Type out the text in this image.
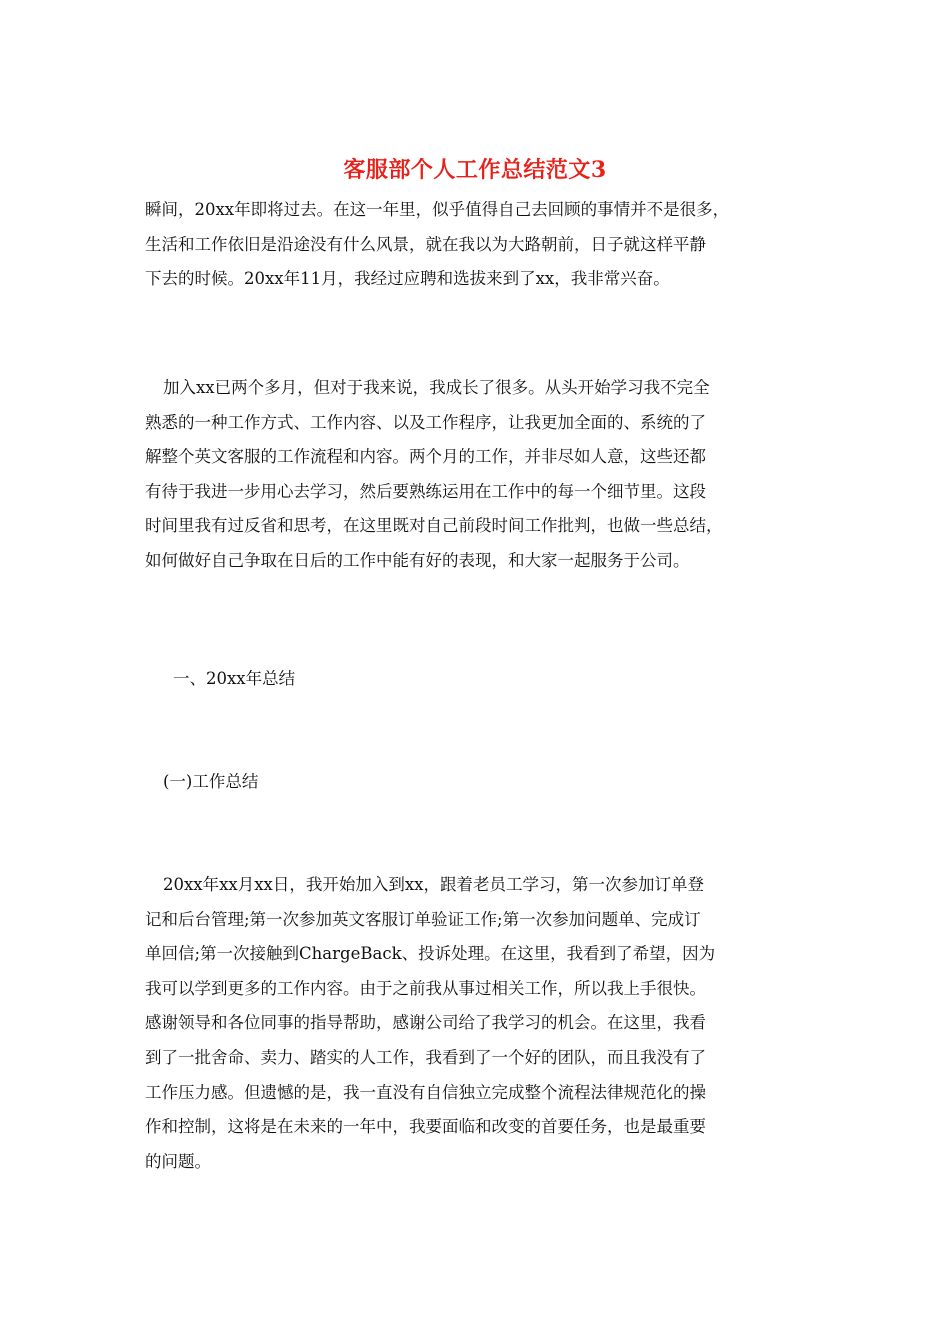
客服部个人工作总结范文3

瞬间，20xx年即将过去。在这一年里，似乎值得自己去回顾的事情并不是很多，
生活和工作依旧是沿途没有什么风景，就在我以为大路朝前，日子就这样平静
下去的时候。20xx年11月，我经过应聘和选拔来到了xx，我非常兴奋。

加入xx已两个多月，但对于我来说，我成长了很多。从头开始学习我不完全
熟悉的一种工作方式、工作内容、以及工作程序，让我更加全面的、系统的了
解整个英文客服的工作流程和内容。两个月的工作，并非尽如人意，这些还都
有待于我进一步用心去学习，然后要熟练运用在工作中的每一个细节里。这段
时间里我有过反省和思考，在这里既对自己前段时间工作批判，也做一些总结，
如何做好自己争取在日后的工作中能有好的表现，和大家一起服务于公司。

一、20xx年总结
(一)工作总结

20xx年xx月xx日，我开始加入到xx，跟着老员工学习，第一次参加订单登
记和后台管理;第一次参加英文客服订单验证工作;第一次参加问题单、完成订
单回信;第一次接触到ChargeBack、投诉处理。在这里，我看到了希望，因为
我可以学到更多的工作内容。由于之前我从事过相关工作，所以我上手很快。
感谢领导和各位同事的指导帮助，感谢公司给了我学习的机会。在这里，我看
到了一批舍命、卖力、踏实的人工作，我看到了一个好的团队，而且我没有了
工作压力感。但遗憾的是，我一直没有自信独立完成整个流程法律规范化的操
作和控制，这将是在未来的一年中，我要面临和改变的首要任务，也是最重要
的问题。
